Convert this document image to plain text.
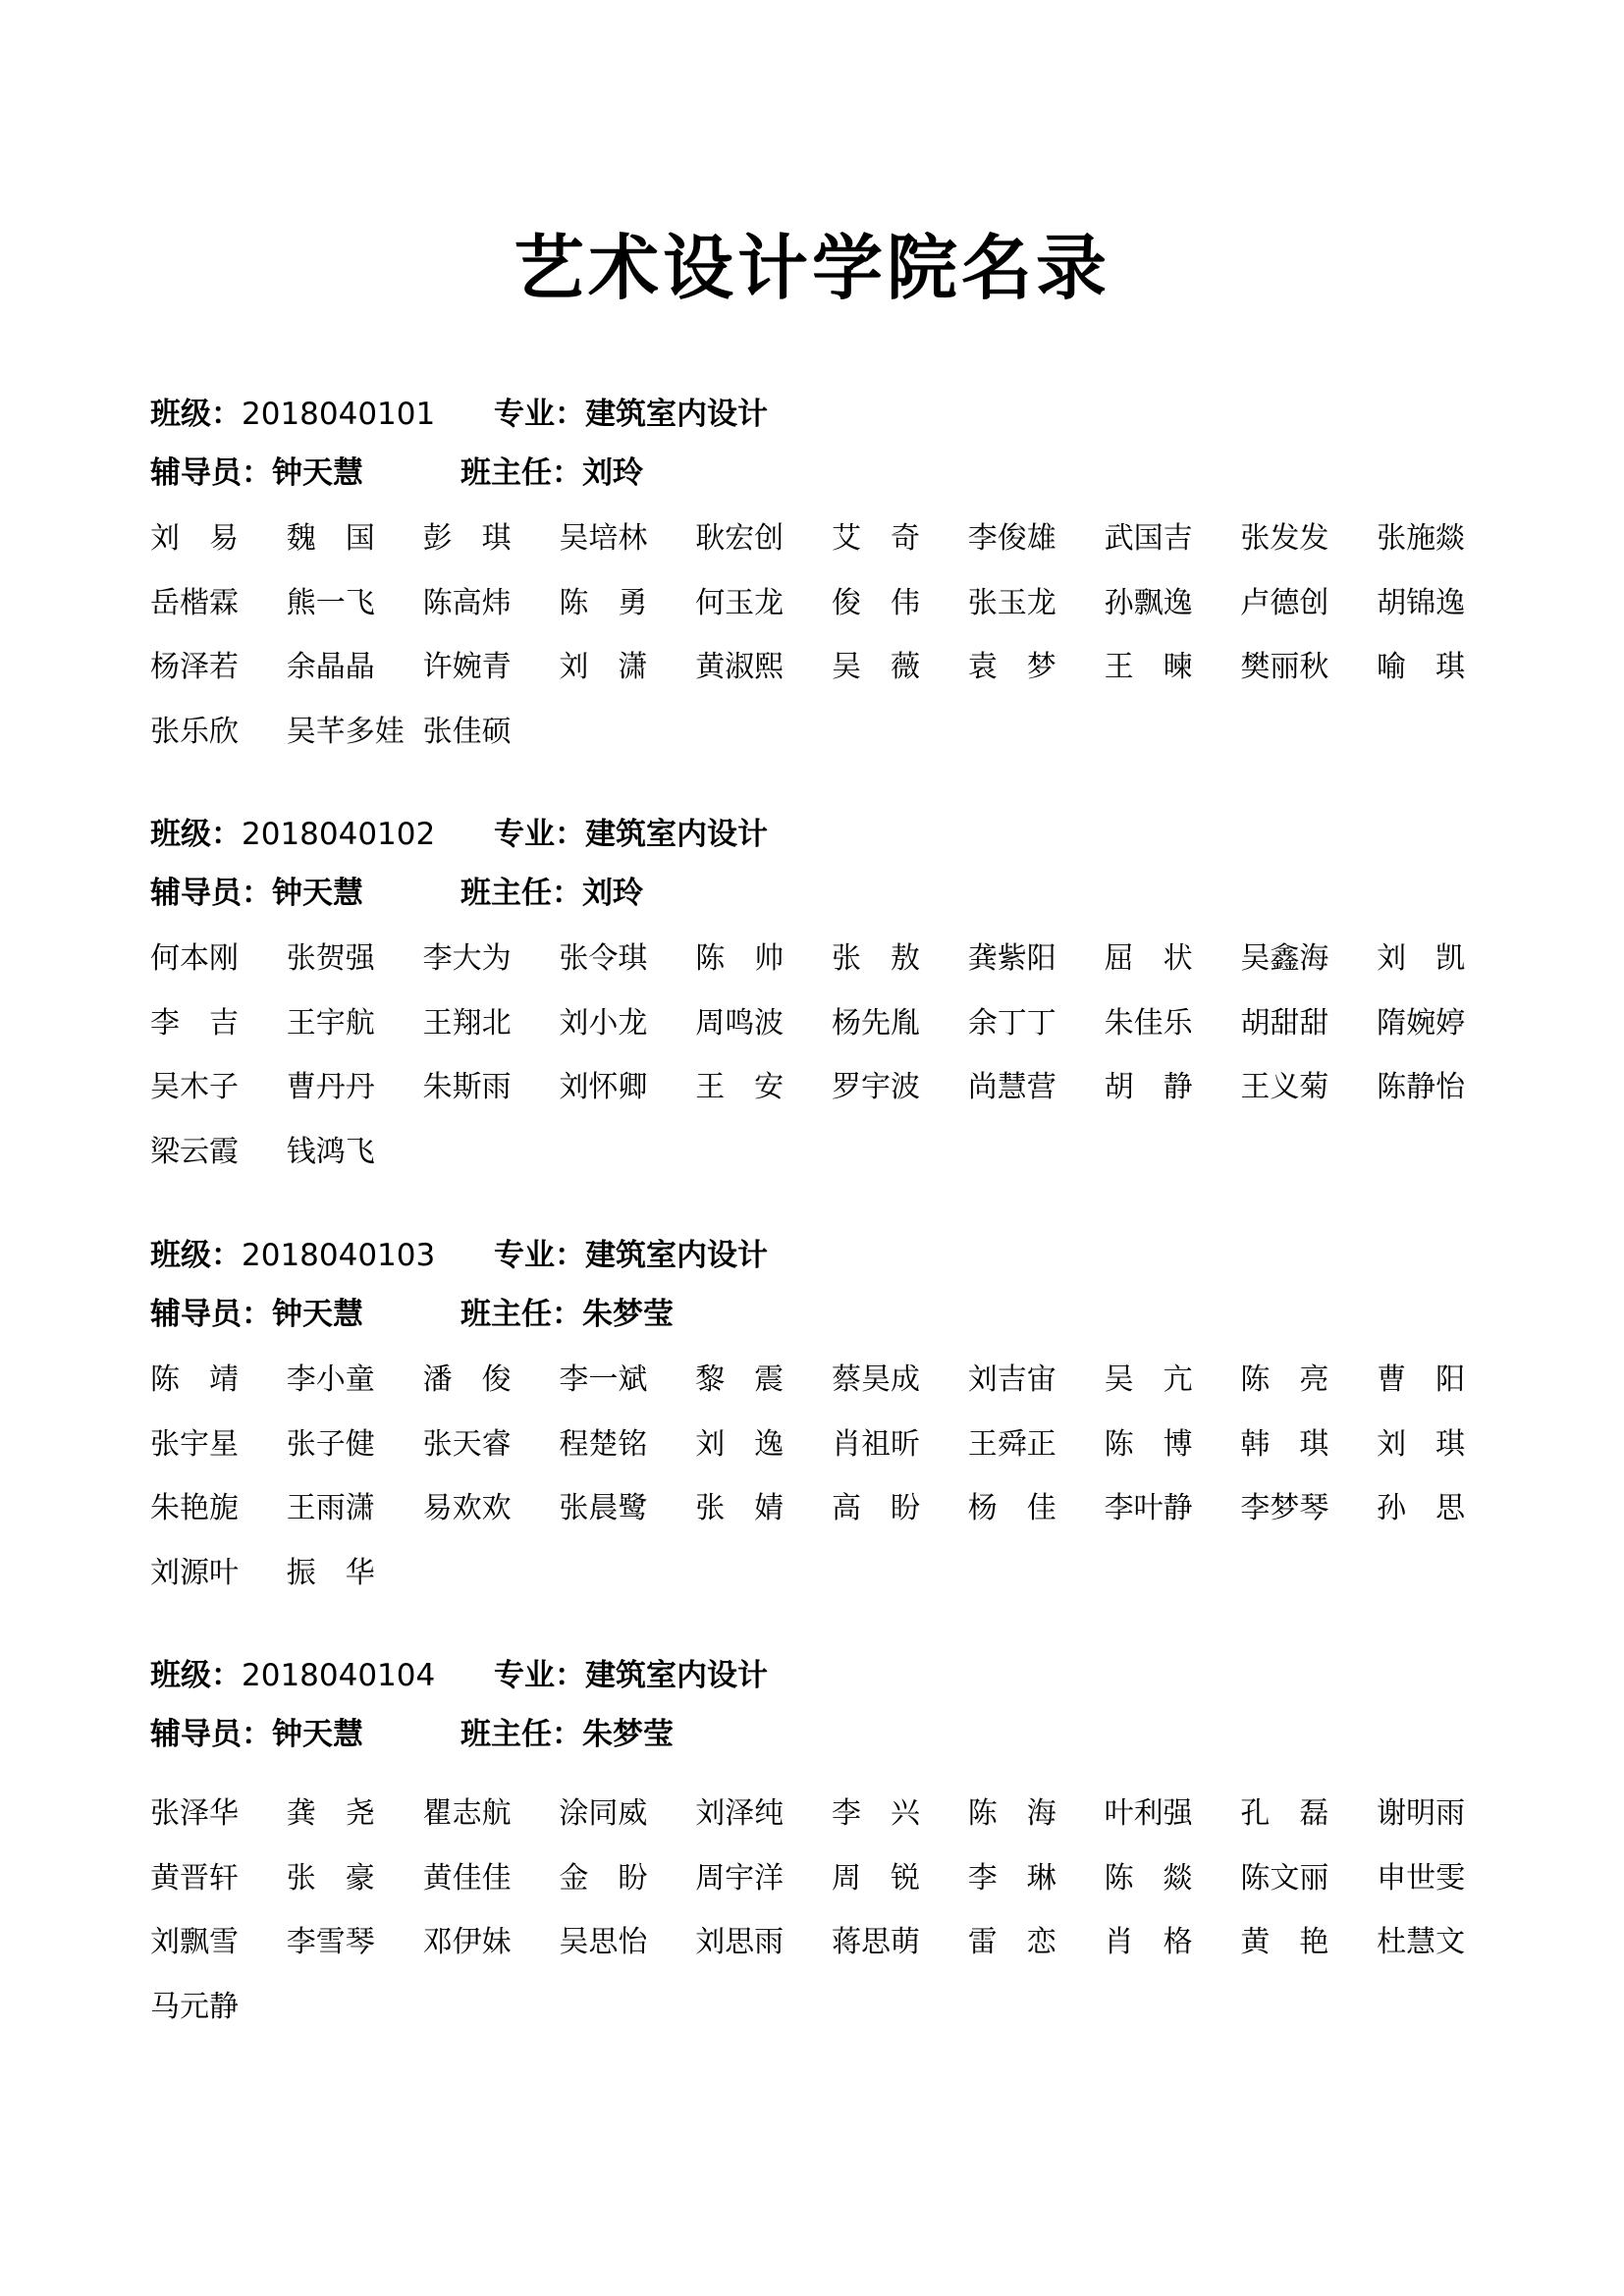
艺术设计学院名录
班级：2018040101 专业：建筑室内设计
辅导员：钟天慧	班主任：刘玲
刘　易	魏　国	彭　琪	吴培林	耿宏创	艾　奇	李俊雄	武国吉	张发发	张施燚
岳楷霖	熊一飞	陈高炜	陈　勇	何玉龙	俊　伟	张玉龙	孙飘逸	卢德创	胡锦逸
杨泽若	余晶晶	许婉青	刘　潇	黄淑熙	吴　薇	袁　梦	王　暕	樊丽秋	喻　琪
张乐欣	吴芊多娃 张佳硕
班级：2018040102 专业：建筑室内设计
辅导员：钟天慧	班主任：刘玲
何本刚	张贺强	李大为	张令琪	陈　帅	张　敖	龚紫阳	屈　状	吴鑫海	刘　凯
李　吉	王宇航	王翔北	刘小龙	周鸣波	杨先胤	余丁丁	朱佳乐	胡甜甜	隋婉婷
吴木子	曹丹丹	朱斯雨	刘怀卿	王　安	罗宇波	尚慧营	胡　静	王义菊	陈静怡
梁云霞	钱鸿飞
班级：2018040103 专业：建筑室内设计
辅导员：钟天慧	班主任：朱梦莹
陈　靖	李小童	潘　俊	李一斌	黎　震	蔡昊成	刘吉宙	吴　亢	陈　亮	曹　阳
张宇星	张子健	张天睿	程楚铭	刘　逸	肖祖昕	王舜正	陈　博	韩　琪	刘　琪
朱艳旎	王雨潇	易欢欢	张晨鹭	张　婧	高　盼	杨　佳	李叶静	李梦琴	孙　思
刘源叶	振　华
班级：2018040104 专业：建筑室内设计
辅导员：钟天慧	班主任：朱梦莹
张泽华	龚　尧	瞿志航	涂同威	刘泽纯	李　兴	陈　海	叶利强	孔　磊	谢明雨
黄晋轩	张　豪	黄佳佳	金　盼	周宇洋	周　锐	李　琳	陈　燚	陈文丽	申世雯
刘飘雪	李雪琴	邓伊妹	吴思怡	刘思雨	蒋思萌	雷　恋	肖　格	黄　艳	杜慧文
马元静
